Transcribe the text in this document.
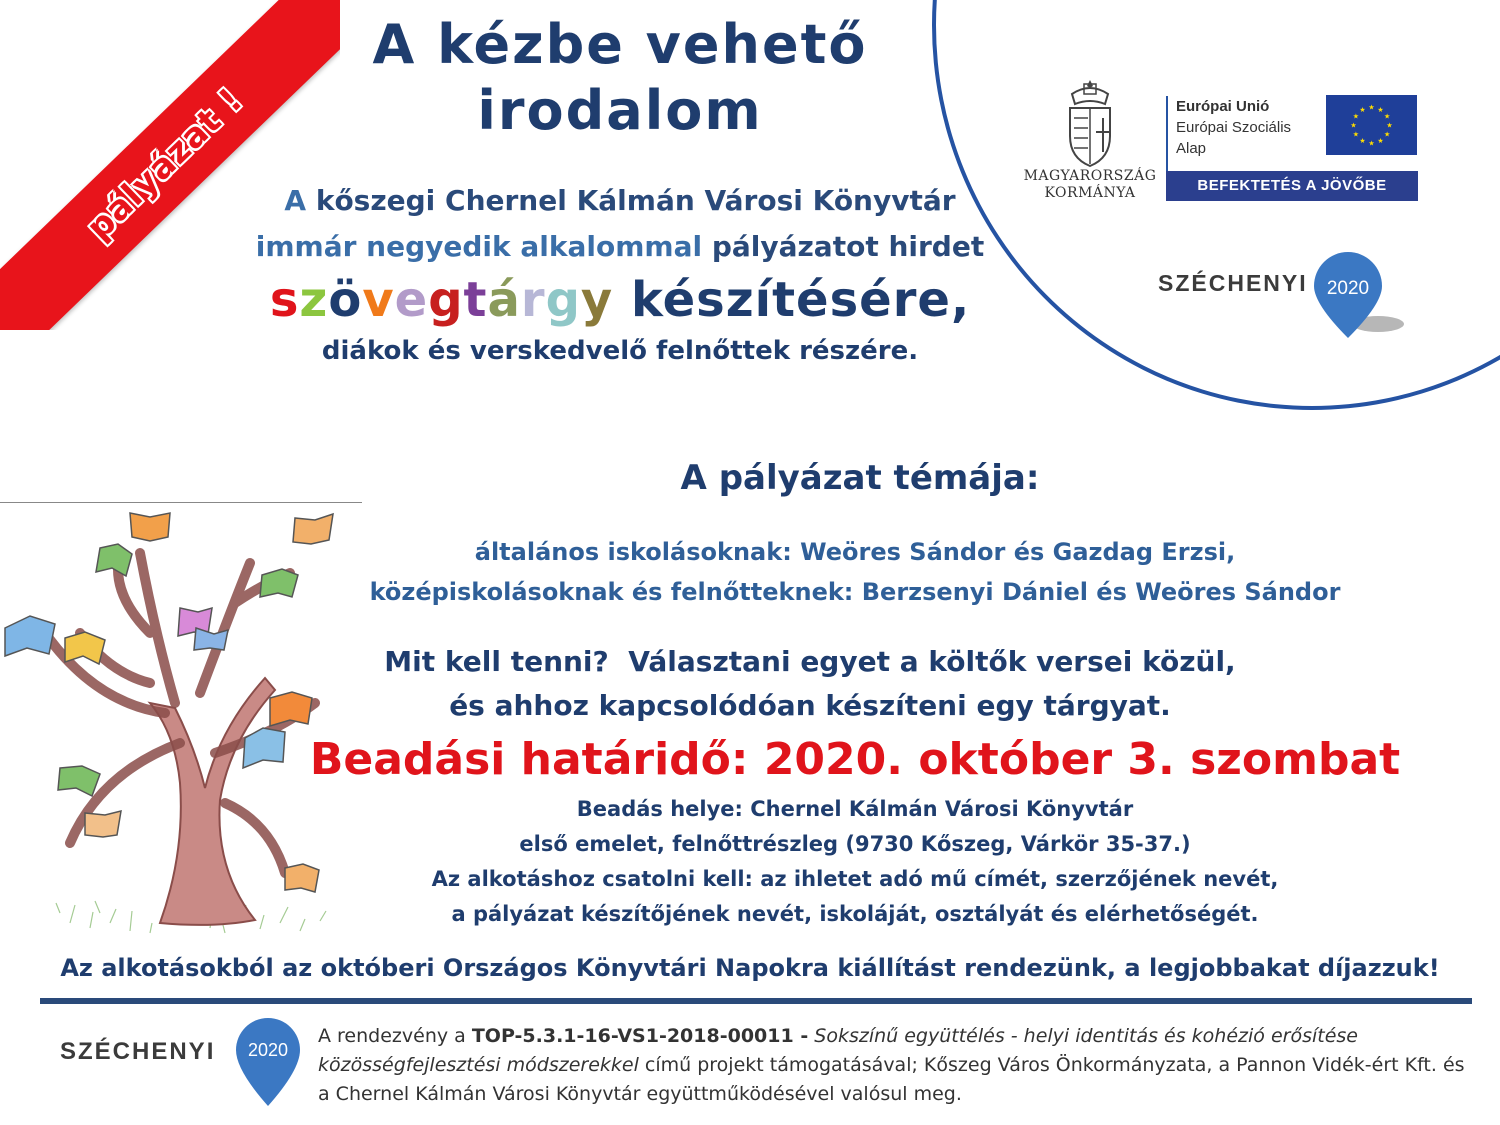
pályázat !
A kézbe vehető
irodalom
MAGYARORSZÁG
KORMÁNYA
Európai Unió
Európai Szociális
Alap
★ ★
★
★
★
★
★
★
★
★
★
★
BEFEKTETÉS A JÖVŐBE
SZÉCHENYI 2020
A kőszegi Chernel Kálmán Városi Könyvtár
immár negyedik alkalommal pályázatot hirdet
szövegtárgy készítésére,
diákok és verskedvelő felnőttek részére.
A pályázat témája:
általános iskolásoknak: Weöres Sándor és Gazdag Erzsi,
középiskolásoknak és felnőtteknek: Berzsenyi Dániel és Weöres Sándor
Mit kell tenni?  Választani egyet a költők versei közül,
és ahhoz kapcsolódóan készíteni egy tárgyat.
Beadási határidő: 2020. október 3. szombat
Beadás helye: Chernel Kálmán Városi Könyvtár
első emelet, felnőttrészleg (9730 Kőszeg, Várkör 35-37.)
Az alkotáshoz csatolni kell: az ihletet adó mű címét, szerzőjének nevét,
a pályázat készítőjének nevét, iskoláját, osztályát és elérhetőségét.
Az alkotásokból az októberi Országos Könyvtári Napokra kiállítást rendezünk, a legjobbakat díjazzuk!
SZÉCHENYI 2020
A rendezvény a TOP-5.3.1-16-VS1-2018-00011 - Sokszínű együttélés - helyi identitás és kohézió erősítése közösségfejlesztési módszerekkel című projekt támogatásával; Kőszeg Város Önkormányzata, a Pannon Vidék-ért Kft. és a Chernel Kálmán Városi Könyvtár együttműködésével valósul meg.
